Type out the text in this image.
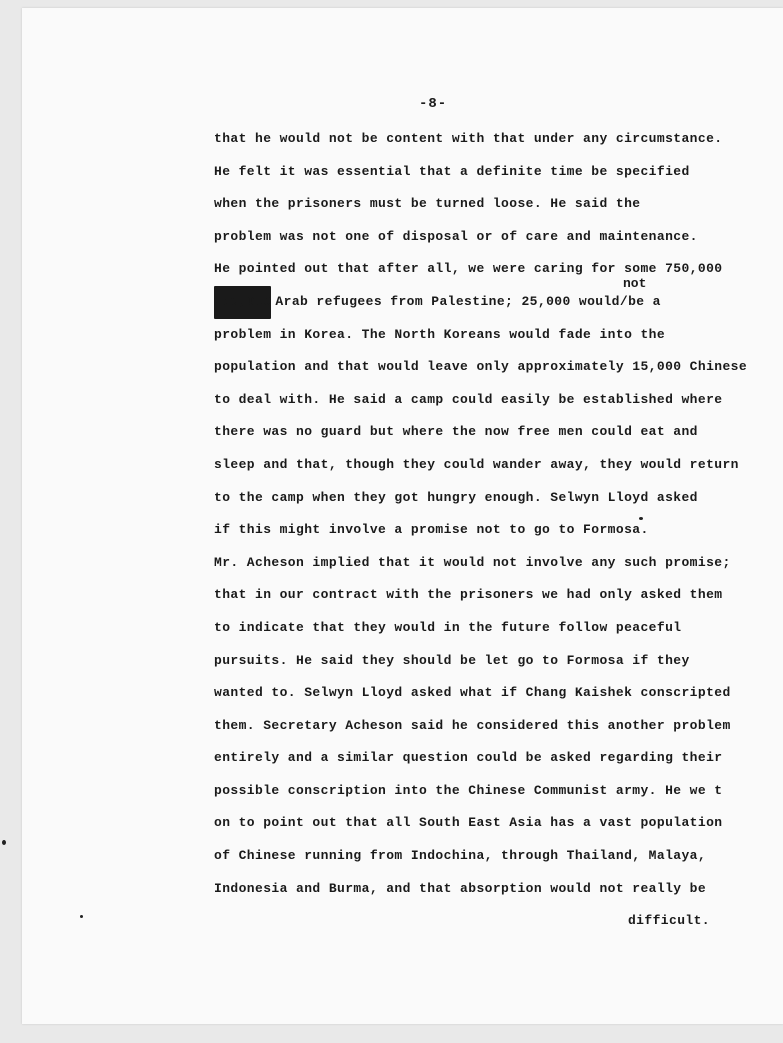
-8-
not
that he would not be content with that under any circumstance.
He felt it was essential that a definite time be specified
when the prisoners must be turned loose. He said the
problem was not one of disposal or of care and maintenance.
He pointed out that after all, we were caring for some 750,000
750,000 Arab refugees from Palestine; 25,000 would/be a
problem in Korea. The North Koreans would fade into the
population and that would leave only approximately 15,000 Chinese
to deal with. He said a camp could easily be established where
there was no guard but where the now free men could eat and
sleep and that, though they could wander away, they would return
to the camp when they got hungry enough. Selwyn Lloyd asked
if this might involve a promise not to go to Formosa.
Mr. Acheson implied that it would not involve any such promise;
that in our contract with the prisoners we had only asked them
to indicate that they would in the future follow peaceful
pursuits. He said they should be let go to Formosa if they
wanted to. Selwyn Lloyd asked what if Chang Kaishek conscripted
them. Secretary Acheson said he considered this another problem
entirely and a similar question could be asked regarding their
possible conscription into the Chinese Communist army. He we t
on to point out that all South East Asia has a vast population
of Chinese running from Indochina, through Thailand, Malaya,
Indonesia and Burma, and that absorption would not really be
difficult.
